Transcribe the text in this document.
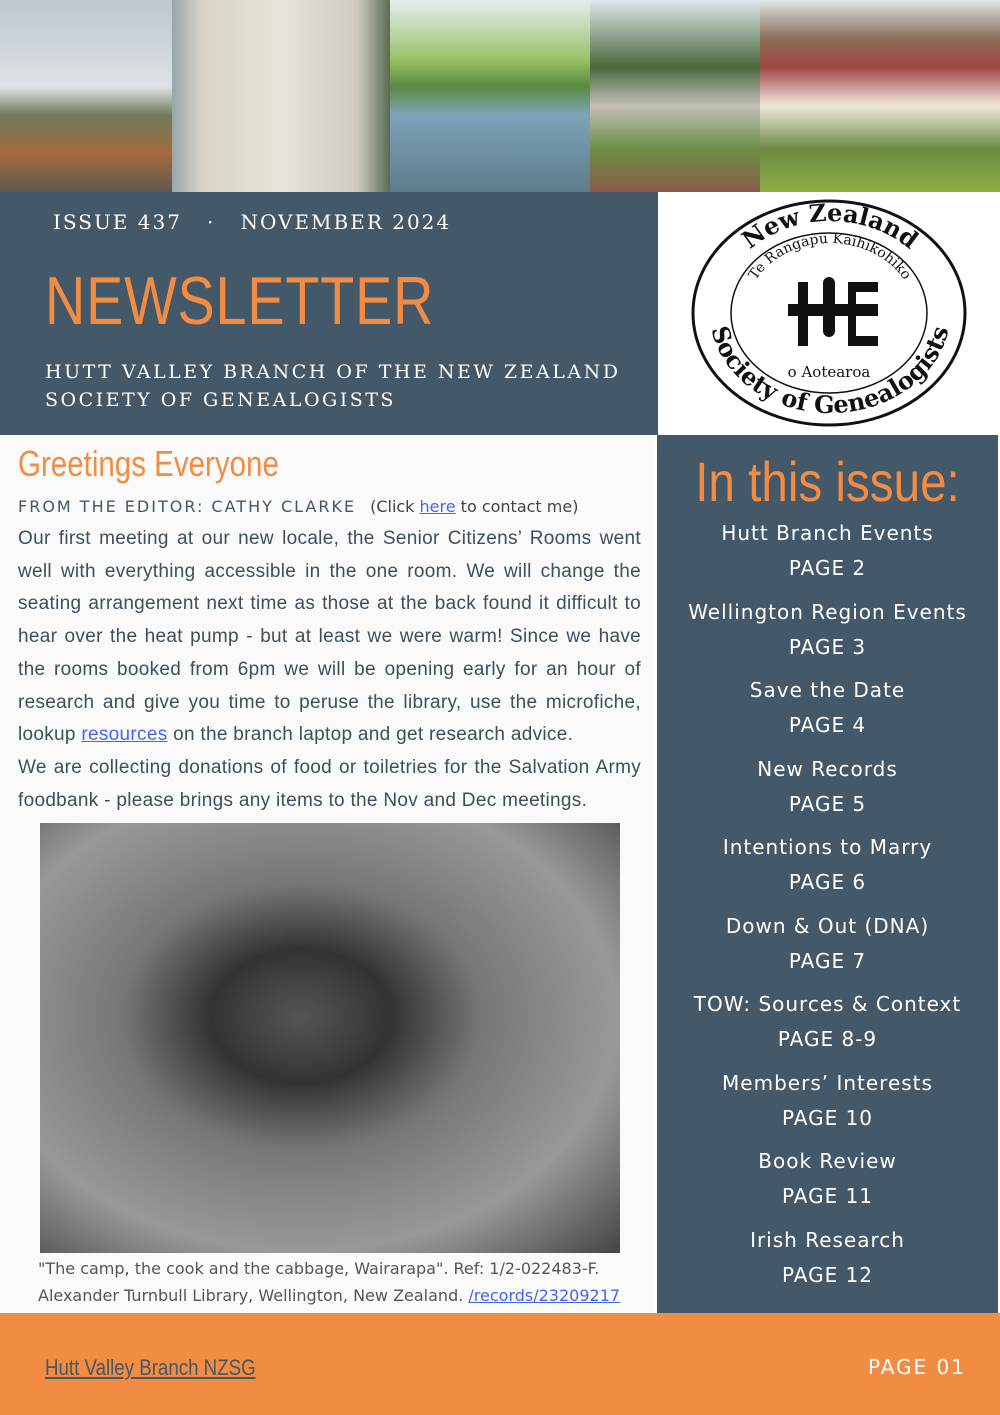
ISSUE 437 · NOVEMBER 2024
NEWSLETTER
HUTT VALLEY BRANCH OF THE NEW ZEALAND
SOCIETY OF GENEALOGISTS
New Zealand
Te Rangapū Kaihikohiko
Society of Genealogists
o Aotearoa
Greetings Everyone
FROM THE EDITOR: CATHY CLARKE (Click here to contact me)

Our first meeting at our new locale, the Senior Citizens’ Rooms went well with everything accessible in the one room. We will change the seating arrangement next time as those at the back found it difficult to hear over the heat pump - but at least we were warm! Since we have the rooms booked from 6pm we will be opening early for an hour of research and give you time to peruse the library, use the microfiche, lookup resources on the branch laptop and get research advice.

We are collecting donations of food or toiletries for the Salvation Army foodbank - please brings any items to the Nov and Dec meetings.

"The camp, the cook and the cabbage, Wairarapa". Ref: 1/2-022483-F.
Alexander Turnbull Library, Wellington, New Zealand. /records/23209217
In this issue:
Hutt Branch Events
PAGE 2
Wellington Region Events
PAGE 3
Save the Date
PAGE 4
New Records
PAGE 5
Intentions to Marry
PAGE 6
Down & Out (DNA)
PAGE 7
TOW: Sources & Context
PAGE 8-9
Members’ Interests
PAGE 10
Book Review
PAGE 11
Irish Research
PAGE 12
Hutt Valley Branch NZSG	PAGE 01
